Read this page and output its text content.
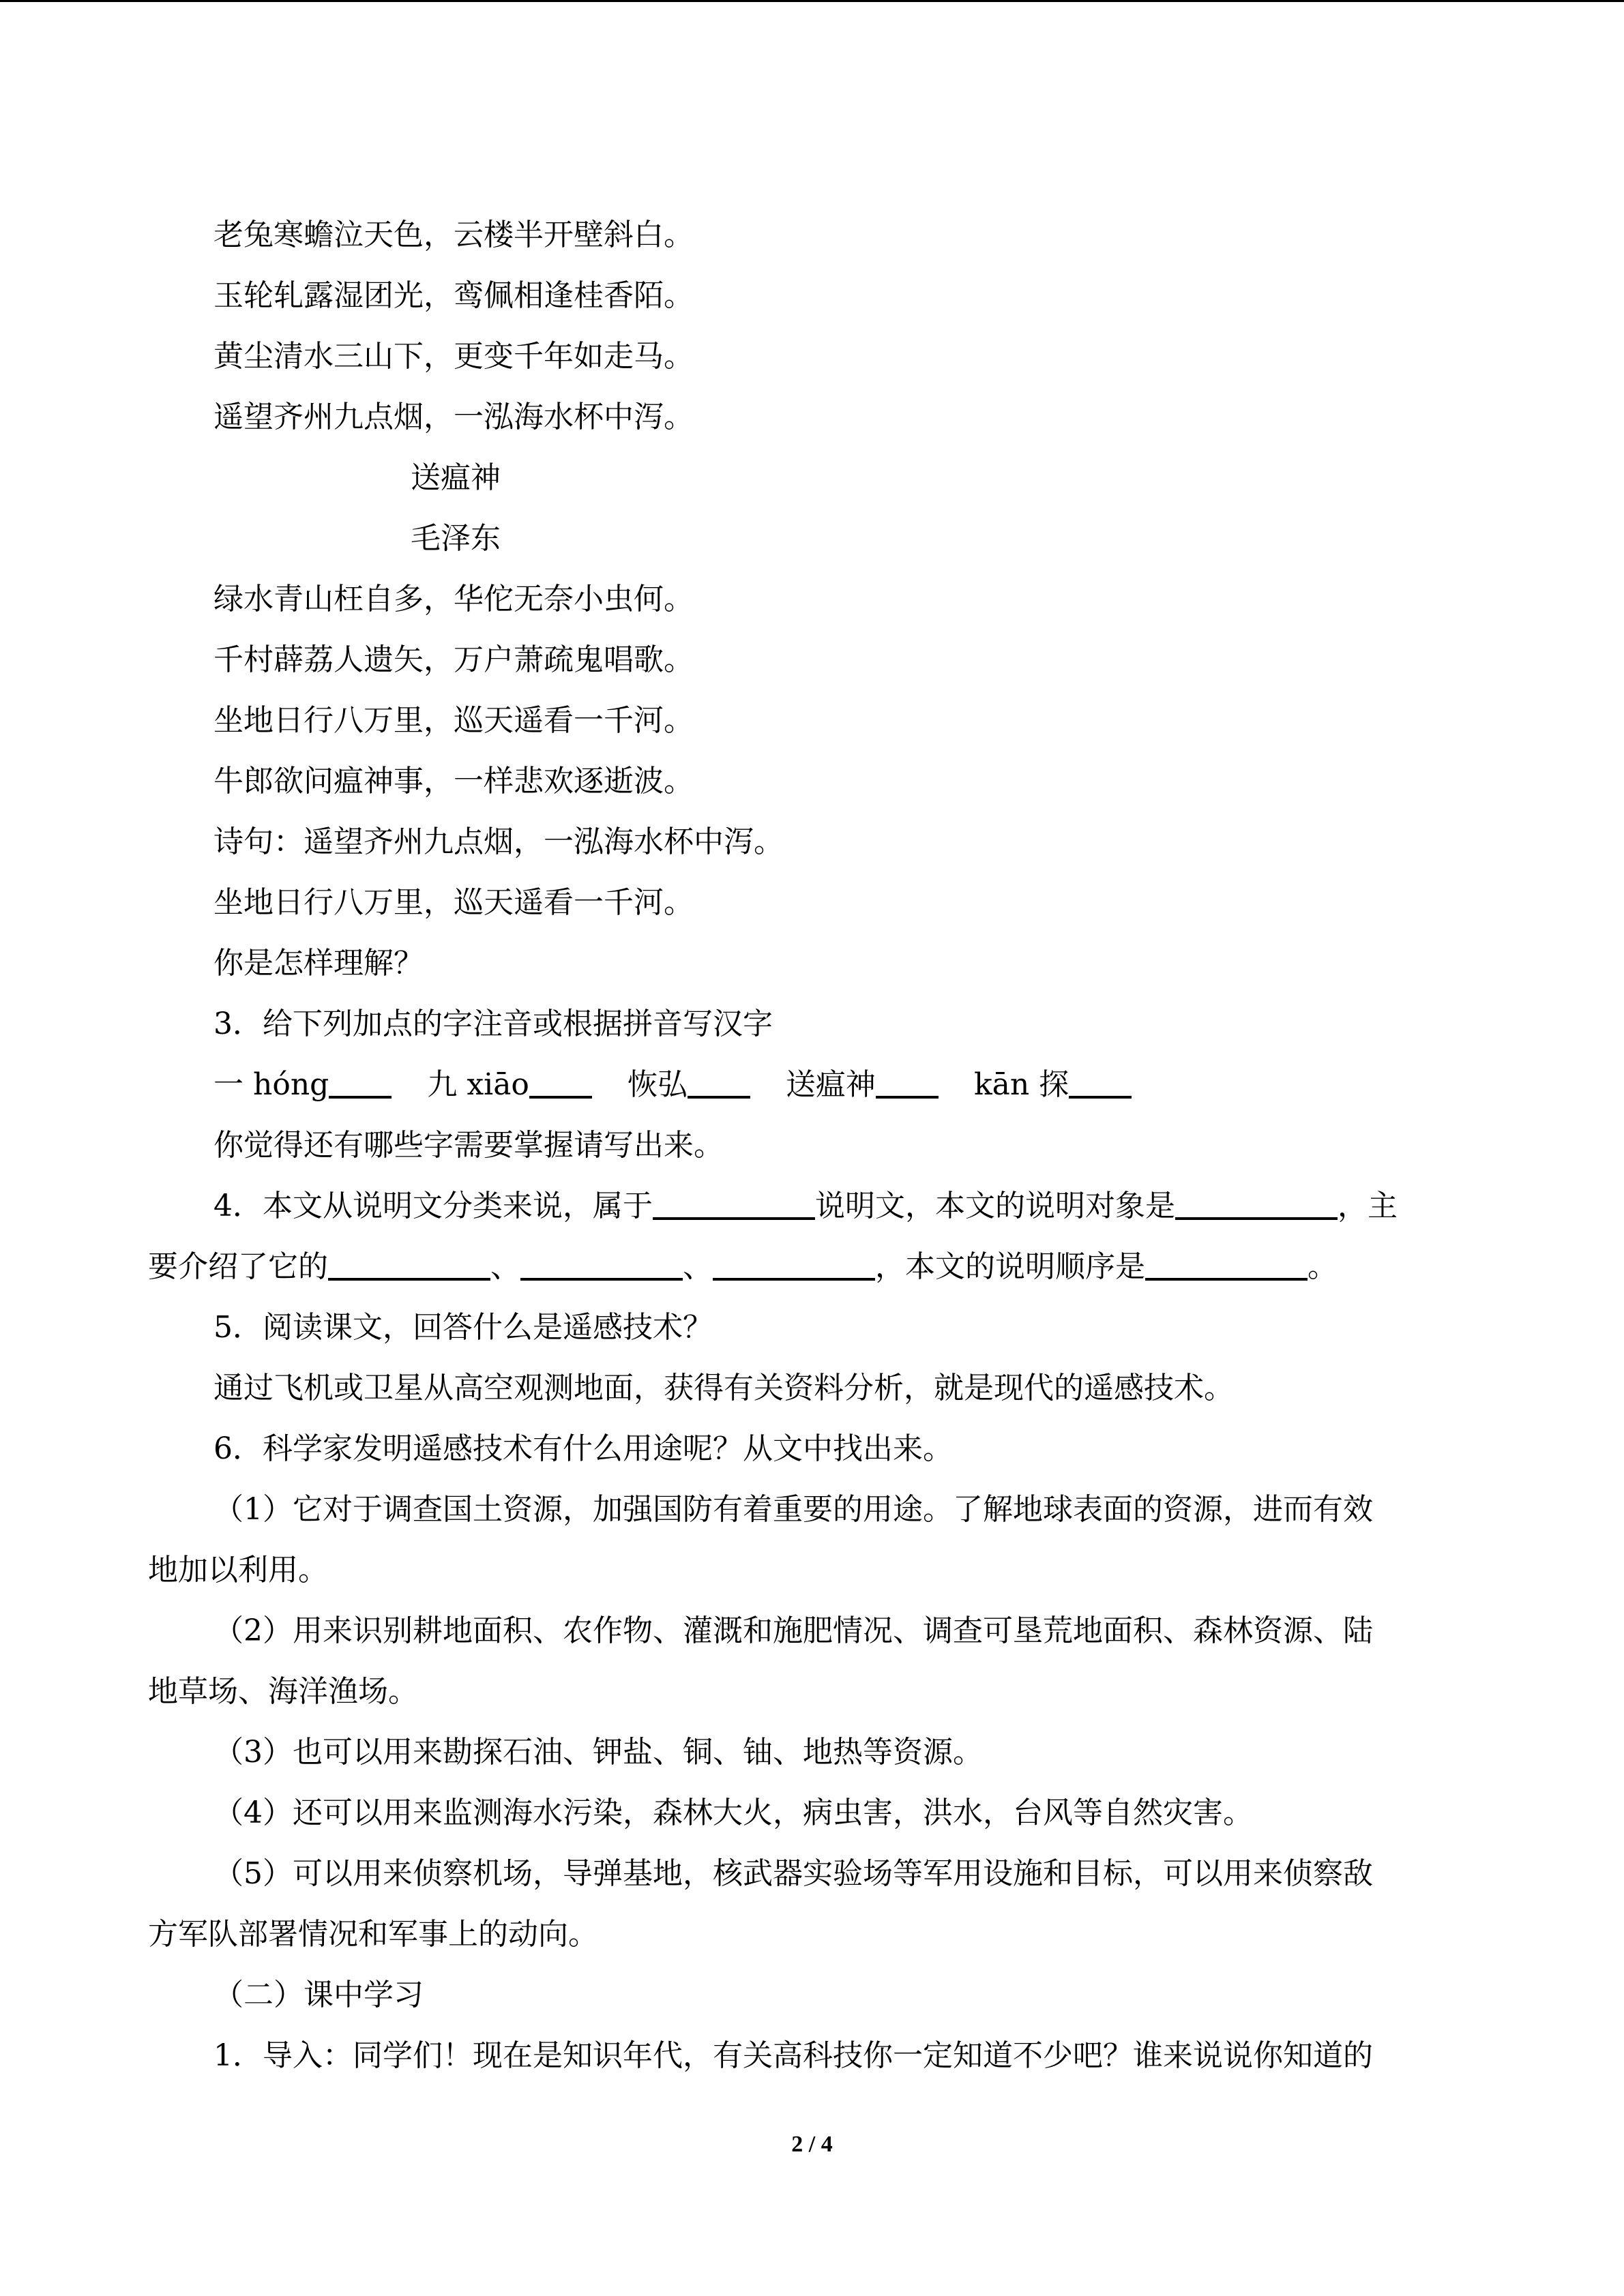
老兔寒蟾泣天色，云楼半开壁斜白。
玉轮轧露湿团光，鸾佩相逢桂香陌。
黄尘清水三山下，更变千年如走马。
遥望齐州九点烟，一泓海水杯中泻。
送瘟神
毛泽东
绿水青山枉自多，华佗无奈小虫何。
千村薜荔人遗矢，万户萧疏鬼唱歌。
坐地日行八万里，巡天遥看一千河。
牛郎欲问瘟神事，一样悲欢逐逝波。
诗句：遥望齐州九点烟，一泓海水杯中泻。
坐地日行八万里，巡天遥看一千河。
你是怎样理解？
3．给下列加点的字注音或根据拼音写汉字
一 hóng	九 xiāo	恢弘	送瘟神	kān 探
你觉得还有哪些字需要掌握请写出来。
4．本文从说明文分类来说，属于	说明文，本文的说明对象是	，主
要介绍了它的	、	、	，本文的说明顺序是	。
5．阅读课文，回答什么是遥感技术？
通过飞机或卫星从高空观测地面，获得有关资料分析，就是现代的遥感技术。
6．科学家发明遥感技术有什么用途呢？从文中找出来。
（1）它对于调查国土资源，加强国防有着重要的用途。了解地球表面的资源，进而有效
地加以利用。
（2）用来识别耕地面积、农作物、灌溉和施肥情况、调查可垦荒地面积、森林资源、陆
地草场、海洋渔场。
（3）也可以用来勘探石油、钾盐、铜、铀、地热等资源。
（4）还可以用来监测海水污染，森林大火，病虫害，洪水，台风等自然灾害。
（5）可以用来侦察机场，导弹基地，核武器实验场等军用设施和目标，可以用来侦察敌
方军队部署情况和军事上的动向。
（二）课中学习
1．导入：同学们！现在是知识年代，有关高科技你一定知道不少吧？谁来说说你知道的
2 / 4
